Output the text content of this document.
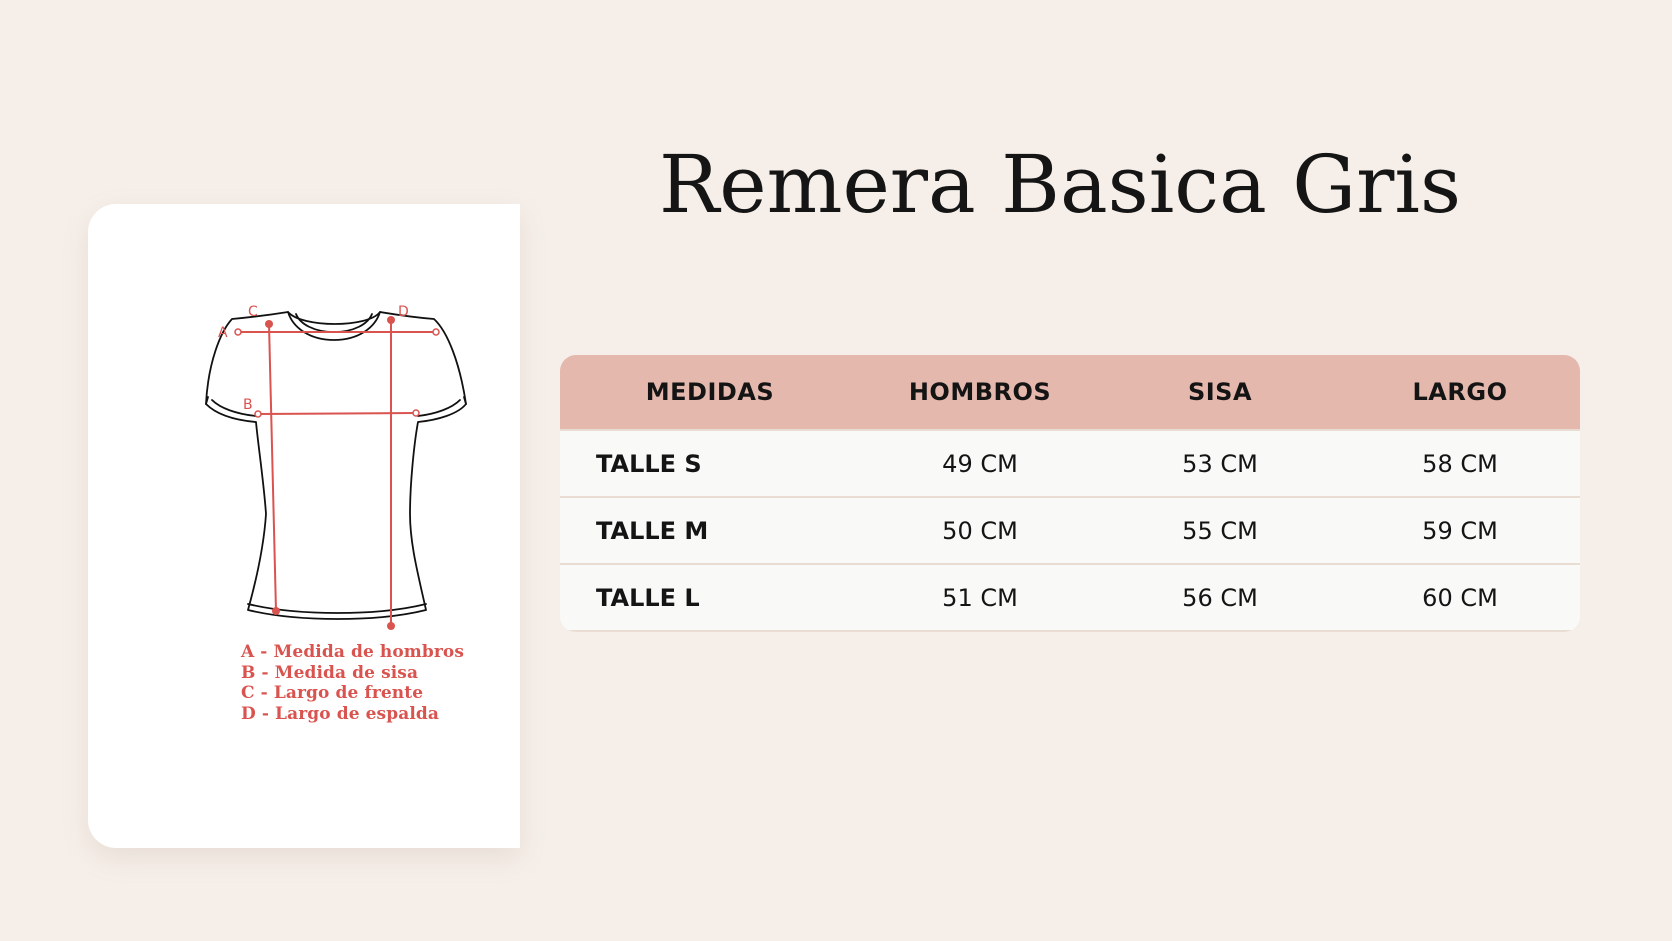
A
B
C	D
A - Medida de hombros
B - Medida de sisa
C - Largo de frente
D - Largo de espalda
Remera Basica Gris
MEDIDAS	HOMBROS	SISA	LARGO
TALLE S	49 CM	53 CM	58 CM
TALLE M	50 CM	55 CM	59 CM
TALLE L	51 CM	56 CM	60 CM
